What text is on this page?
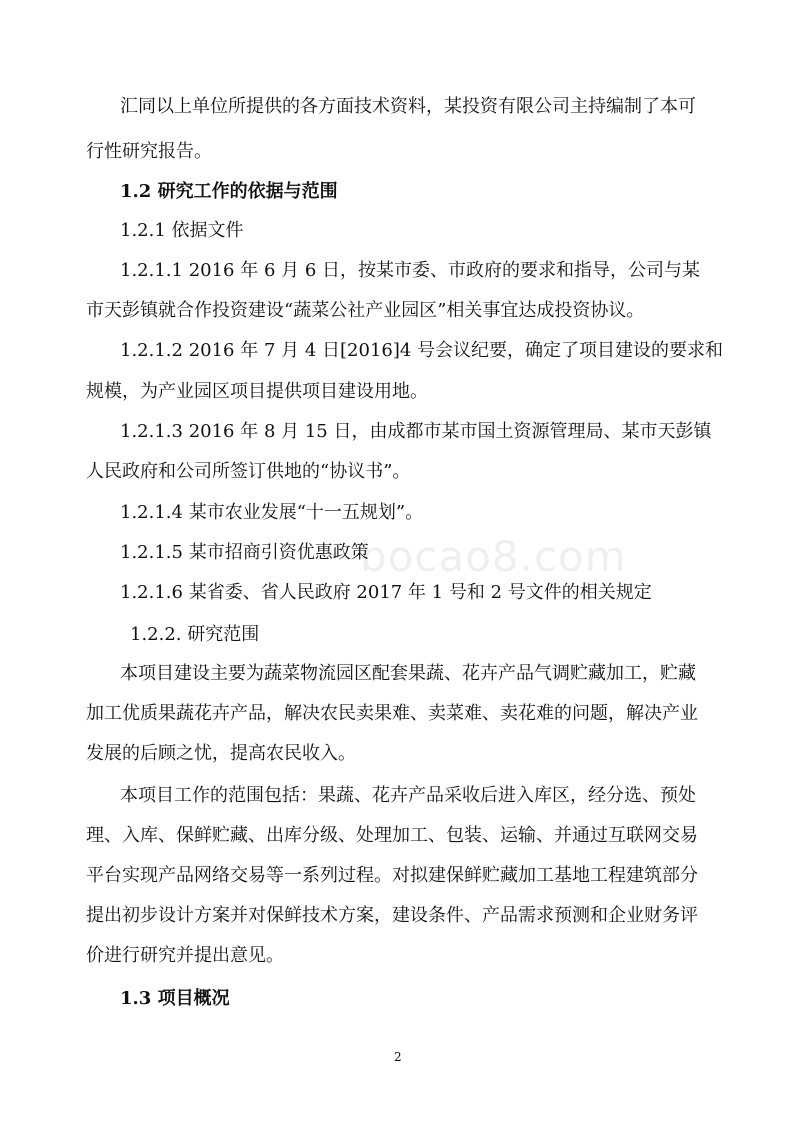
bocao8.com
汇同以上单位所提供的各方面技术资料，某投资有限公司主持编制了本可
行性研究报告。
1.2 研究工作的依据与范围
1.2.1 依据文件
1.2.1.1 2016 年 6 月 6 日，按某市委、市政府的要求和指导，公司与某
市天彭镇就合作投资建设“蔬菜公社产业园区”相关事宜达成投资协议。
1.2.1.2 2016 年 7 月 4 日[2016]4 号会议纪要，确定了项目建设的要求和
规模，为产业园区项目提供项目建设用地。
1.2.1.3 2016 年 8 月 15 日，由成都市某市国土资源管理局、某市天彭镇
人民政府和公司所签订供地的“协议书”。
1.2.1.4 某市农业发展“十一五规划”。
1.2.1.5 某市招商引资优惠政策
1.2.1.6 某省委、省人民政府 2017 年 1 号和 2 号文件的相关规定
1.2.2. 研究范围
本项目建设主要为蔬菜物流园区配套果蔬、花卉产品气调贮藏加工，贮藏
加工优质果蔬花卉产品，解决农民卖果难、卖菜难、卖花难的问题，解决产业
发展的后顾之忧，提高农民收入。
本项目工作的范围包括：果蔬、花卉产品采收后进入库区，经分选、预处
理、入库、保鲜贮藏、出库分级、处理加工、包装、运输、并通过互联网交易
平台实现产品网络交易等一系列过程。对拟建保鲜贮藏加工基地工程建筑部分
提出初步设计方案并对保鲜技术方案，建设条件、产品需求预测和企业财务评
价进行研究并提出意见。
1.3 项目概况
2
